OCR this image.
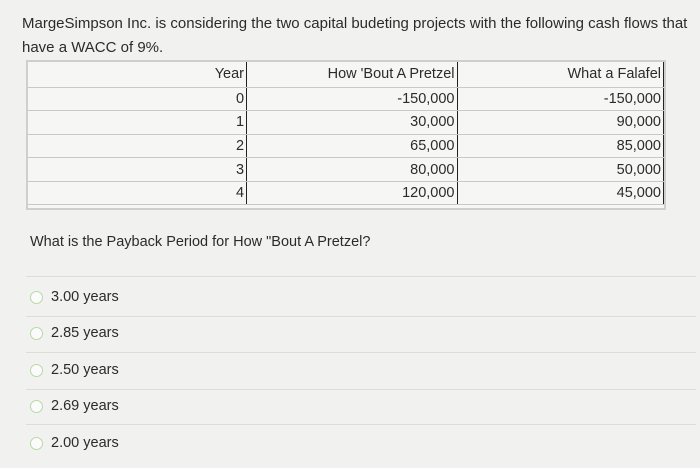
MargeSimpson Inc. is considering the two capital budeting projects with the following cash flows that have a WACC of 9%.
Year	How 'Bout A Pretzel	What a Falafel
0	-150,000	-150,000
1	30,000	90,000
2	65,000	85,000
3	80,000	50,000
4	120,000	45,000
What is the Payback Period for How "Bout A Pretzel?
3.00 years
2.85 years
2.50 years
2.69 years
2.00 years
